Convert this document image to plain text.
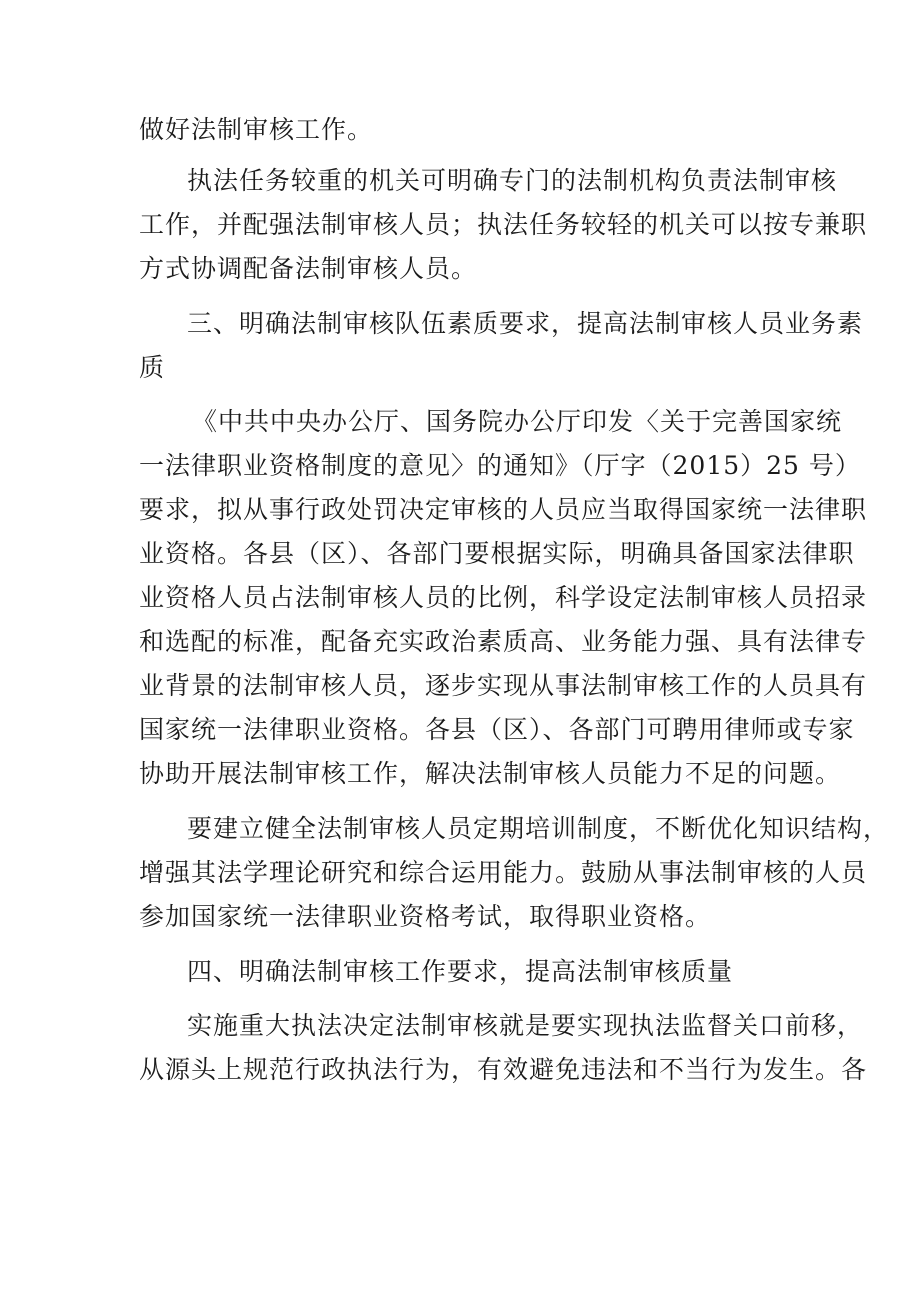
做好法制审核工作。
执法任务较重的机关可明确专门的法制机构负责法制审核
工作，并配强法制审核人员；执法任务较轻的机关可以按专兼职
方式协调配备法制审核人员。
三、明确法制审核队伍素质要求，提高法制审核人员业务素
质
《中共中央办公厅、国务院办公厅印发〈关于完善国家统
一法律职业资格制度的意见〉的通知》（厅字（2015）25 号）
要求，拟从事行政处罚决定审核的人员应当取得国家统一法律职
业资格。各县（区）、各部门要根据实际，明确具备国家法律职
业资格人员占法制审核人员的比例，科学设定法制审核人员招录
和选配的标准，配备充实政治素质高、业务能力强、具有法律专
业背景的法制审核人员，逐步实现从事法制审核工作的人员具有
国家统一法律职业资格。各县（区）、各部门可聘用律师或专家
协助开展法制审核工作，解决法制审核人员能力不足的问题。
要建立健全法制审核人员定期培训制度，不断优化知识结构，
增强其法学理论研究和综合运用能力。鼓励从事法制审核的人员
参加国家统一法律职业资格考试，取得职业资格。
四、明确法制审核工作要求，提高法制审核质量
实施重大执法决定法制审核就是要实现执法监督关口前移，
从源头上规范行政执法行为，有效避免违法和不当行为发生。各
